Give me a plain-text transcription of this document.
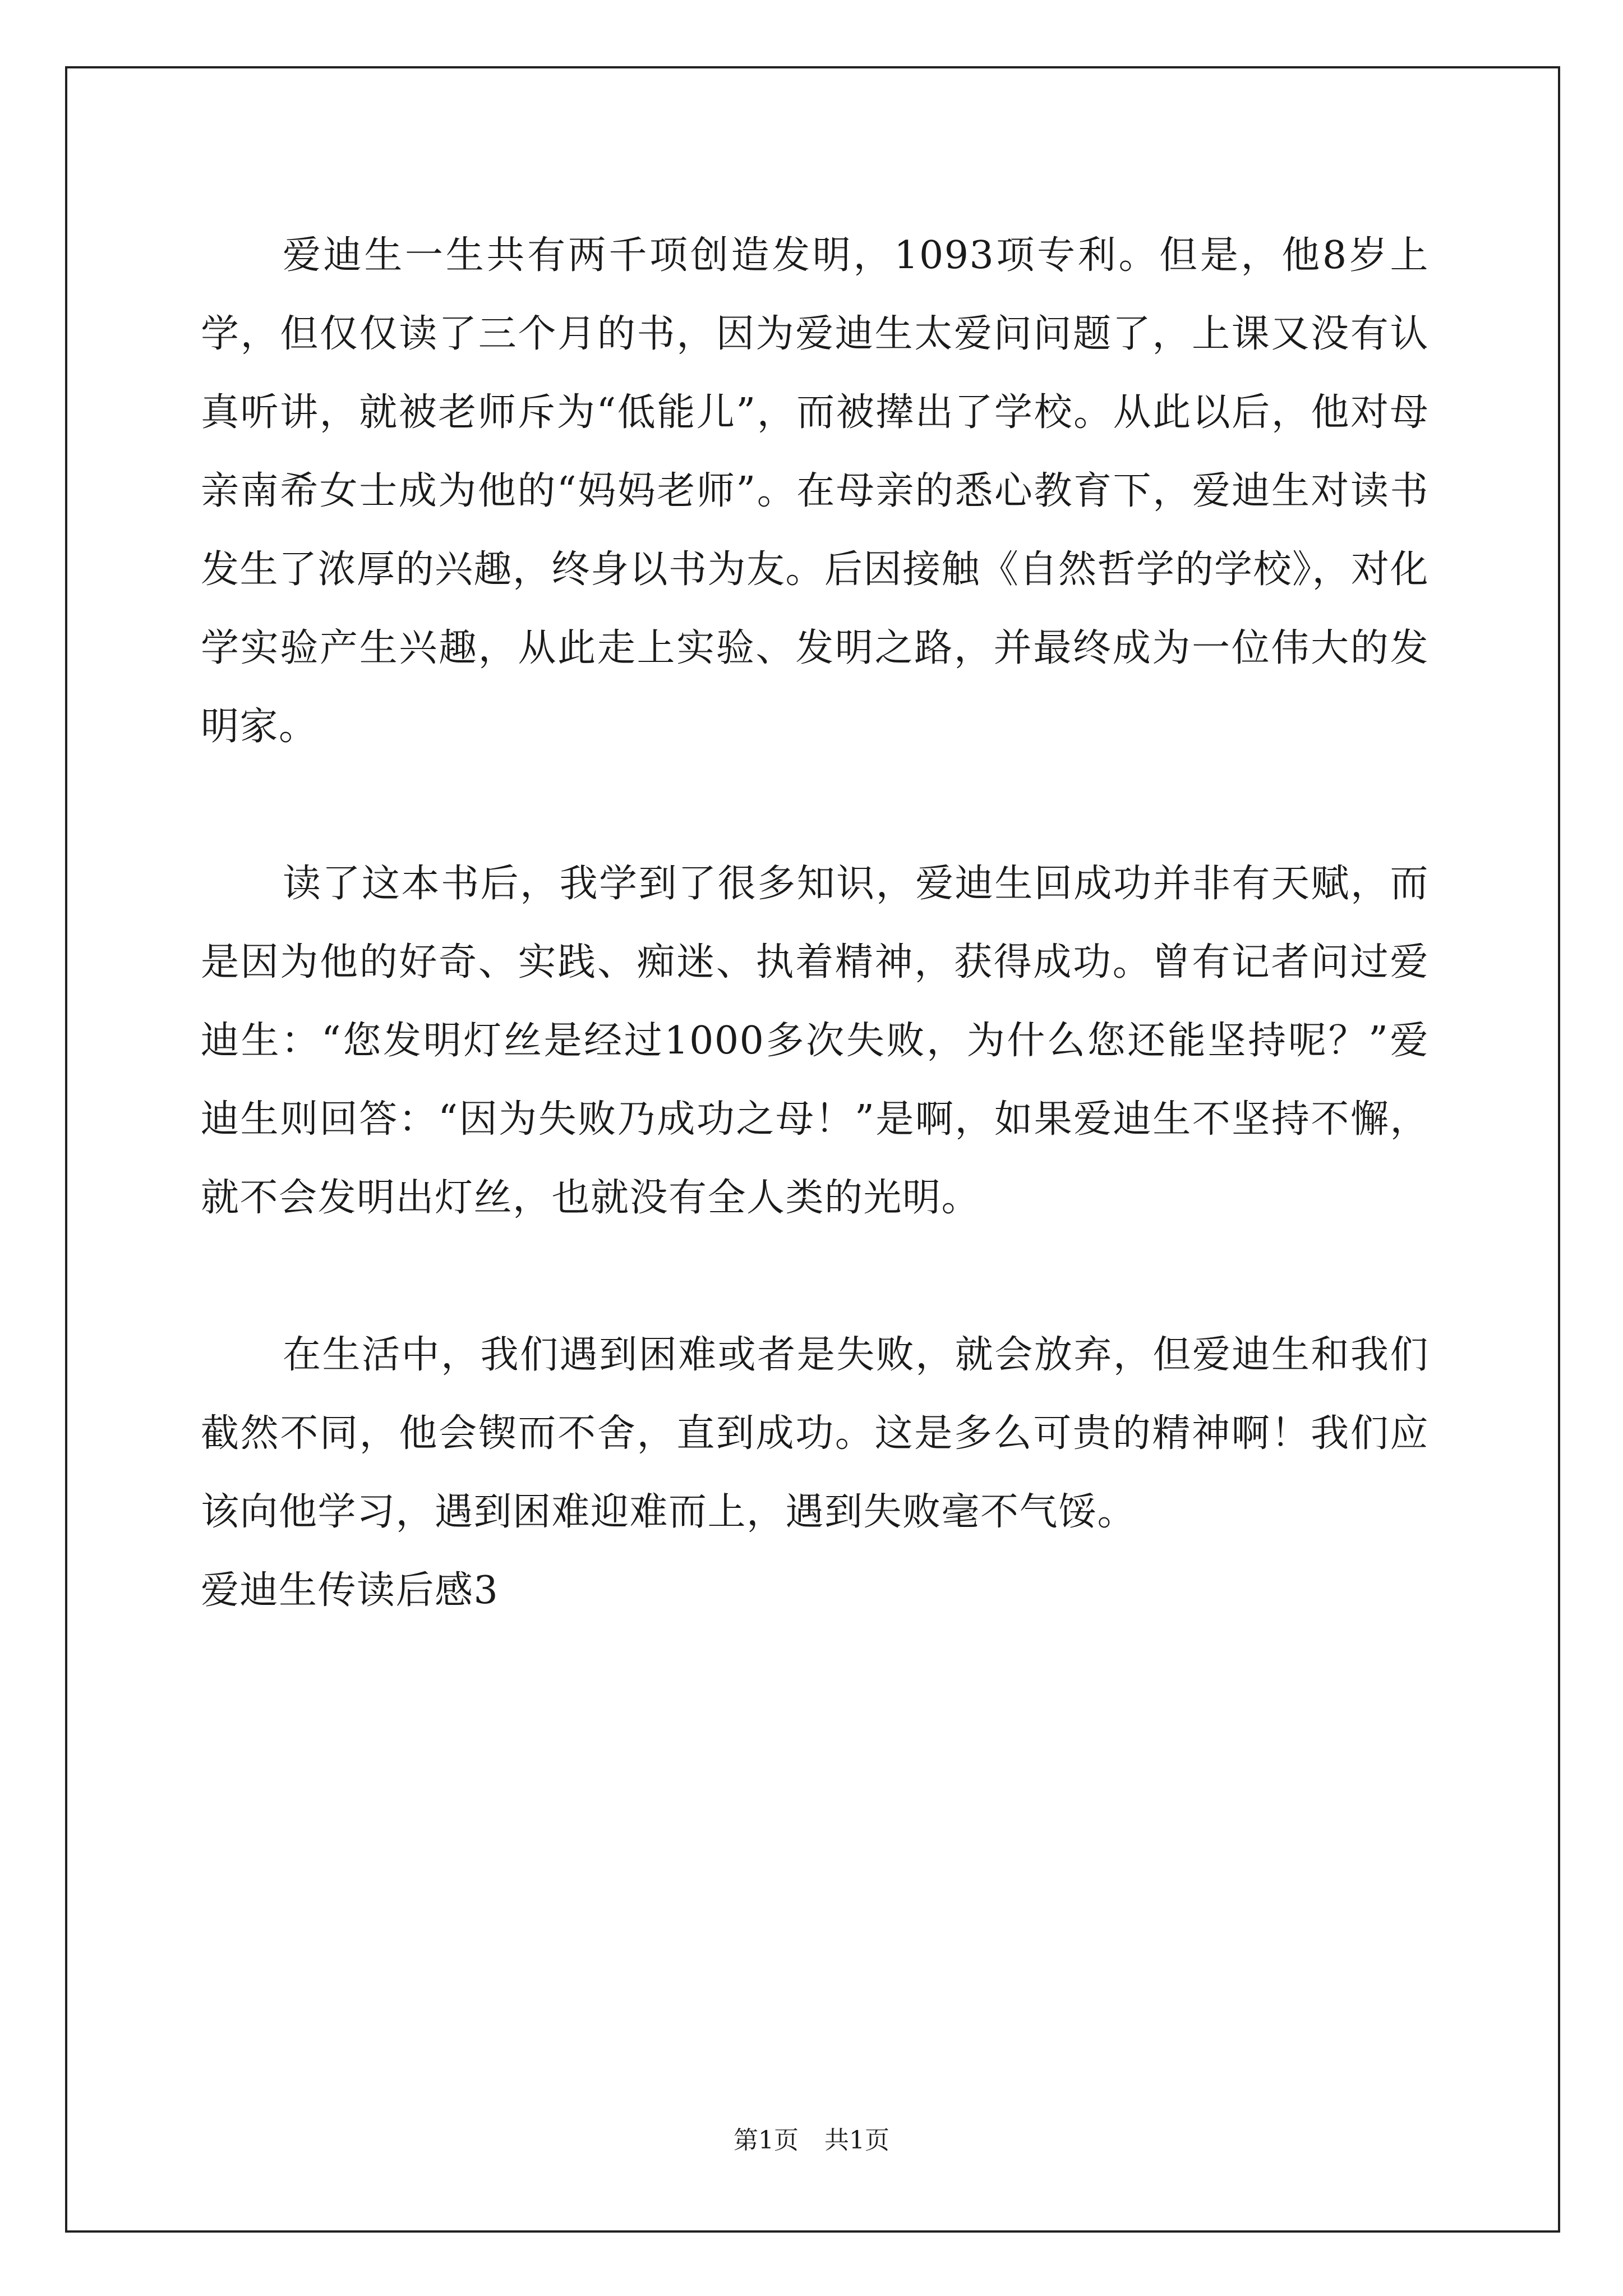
爱迪生一生共有两千项创造发明，1093项专利。但是，他8岁上学，但仅仅读了三个月的书，因为爱迪生太爱问问题了，上课又没有认真听讲，就被老师斥为“低能儿”，而被撵出了学校。从此以后，他对母亲南希女士成为他的“妈妈老师”。在母亲的悉心教育下，爱迪生对读书发生了浓厚的兴趣，终身以书为友。后因接触《自然哲学的学校》，对化学实验产生兴趣，从此走上实验、发明之路，并最终成为一位伟大的发明家。

读了这本书后，我学到了很多知识，爱迪生回成功并非有天赋，而是因为他的好奇、实践、痴迷、执着精神，获得成功。曾有记者问过爱迪生：“您发明灯丝是经过1000多次失败，为什么您还能坚持呢？”爱迪生则回答：“因为失败乃成功之母！”是啊，如果爱迪生不坚持不懈，就不会发明出灯丝，也就没有全人类的光明。

在生活中，我们遇到困难或者是失败，就会放弃，但爱迪生和我们截然不同，他会锲而不舍，直到成功。这是多么可贵的精神啊！我们应该向他学习，遇到困难迎难而上，遇到失败毫不气馁。

爱迪生传读后感3

第1页 共1页
